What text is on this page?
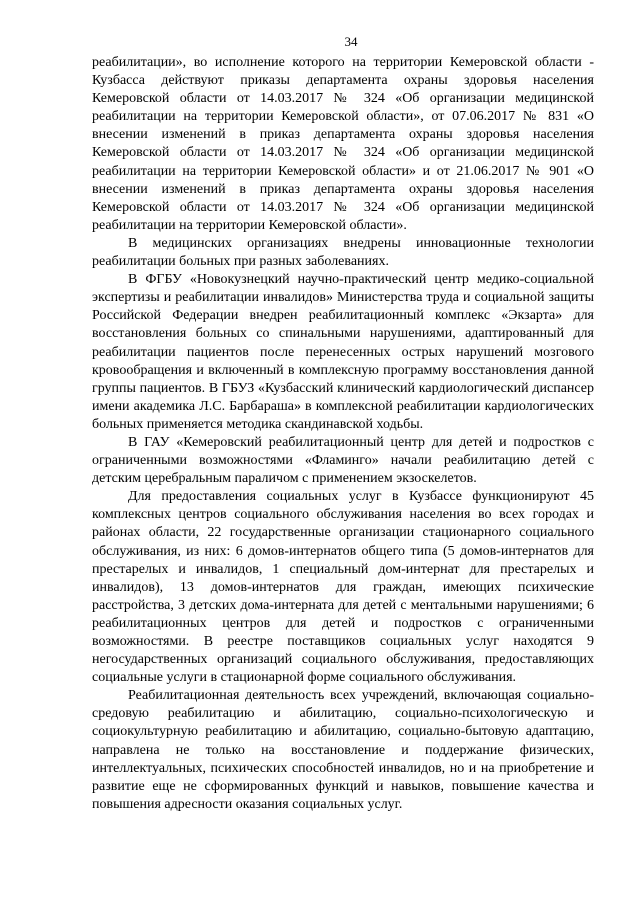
34

реабилитации», во исполнение которого на территории Кемеровской области - Кузбасса действуют приказы департамента охраны здоровья населения Кемеровской области от 14.03.2017 № 324 «Об организации медицинской реабилитации на территории Кемеровской области», от 07.06.2017 № 831 «О внесении изменений в приказ департамента охраны здоровья населения Кемеровской области от 14.03.2017 № 324 «Об организации медицинской реабилитации на территории Кемеровской области» и от 21.06.2017 № 901 «О внесении изменений в приказ департамента охраны здоровья населения Кемеровской области от 14.03.2017 № 324 «Об организации медицинской реабилитации на территории Кемеровской области».

В медицинских организациях внедрены инновационные технологии реабилитации больных при разных заболеваниях.

В ФГБУ «Новокузнецкий научно-практический центр медико-социальной экспертизы и реабилитации инвалидов» Министерства труда и социальной защиты Российской Федерации внедрен реабилитационный комплекс «Экзарта» для восстановления больных со спинальными нарушениями, адаптированный для реабилитации пациентов после перенесенных острых нарушений мозгового кровообращения и включенный в комплексную программу восстановления данной группы пациентов. В ГБУЗ «Кузбасский клинический кардиологический диспансер имени академика Л.С. Барбараша» в комплексной реабилитации кардиологических больных применяется методика скандинавской ходьбы.

В ГАУ «Кемеровский реабилитационный центр для детей и подростков с ограниченными возможностями «Фламинго» начали реабилитацию детей с детским церебральным параличом с применением экзоскелетов.

Для предоставления социальных услуг в Кузбассе функционируют 45 комплексных центров социального обслуживания населения во всех городах и районах области, 22 государственные организации стационарного социального обслуживания, из них: 6 домов-интернатов общего типа (5 домов-интернатов для престарелых и инвалидов, 1 специальный дом-интернат для престарелых и инвалидов), 13 домов-интернатов для граждан, имеющих психические расстройства, 3 детских дома-интерната для детей с ментальными нарушениями; 6 реабилитационных центров для детей и подростков с ограниченными возможностями. В реестре поставщиков социальных услуг находятся 9 негосударственных организаций социального обслуживания, предоставляющих социальные услуги в стационарной форме социального обслуживания.

Реабилитационная деятельность всех учреждений, включающая социально-средовую реабилитацию и абилитацию, социально-психологическую и социокультурную реабилитацию и абилитацию, социально-бытовую адаптацию, направлена не только на восстановление и поддержание физических, интеллектуальных, психических способностей инвалидов, но и на приобретение и развитие еще не сформированных функций и навыков, повышение качества и повышения адресности оказания социальных услуг.
